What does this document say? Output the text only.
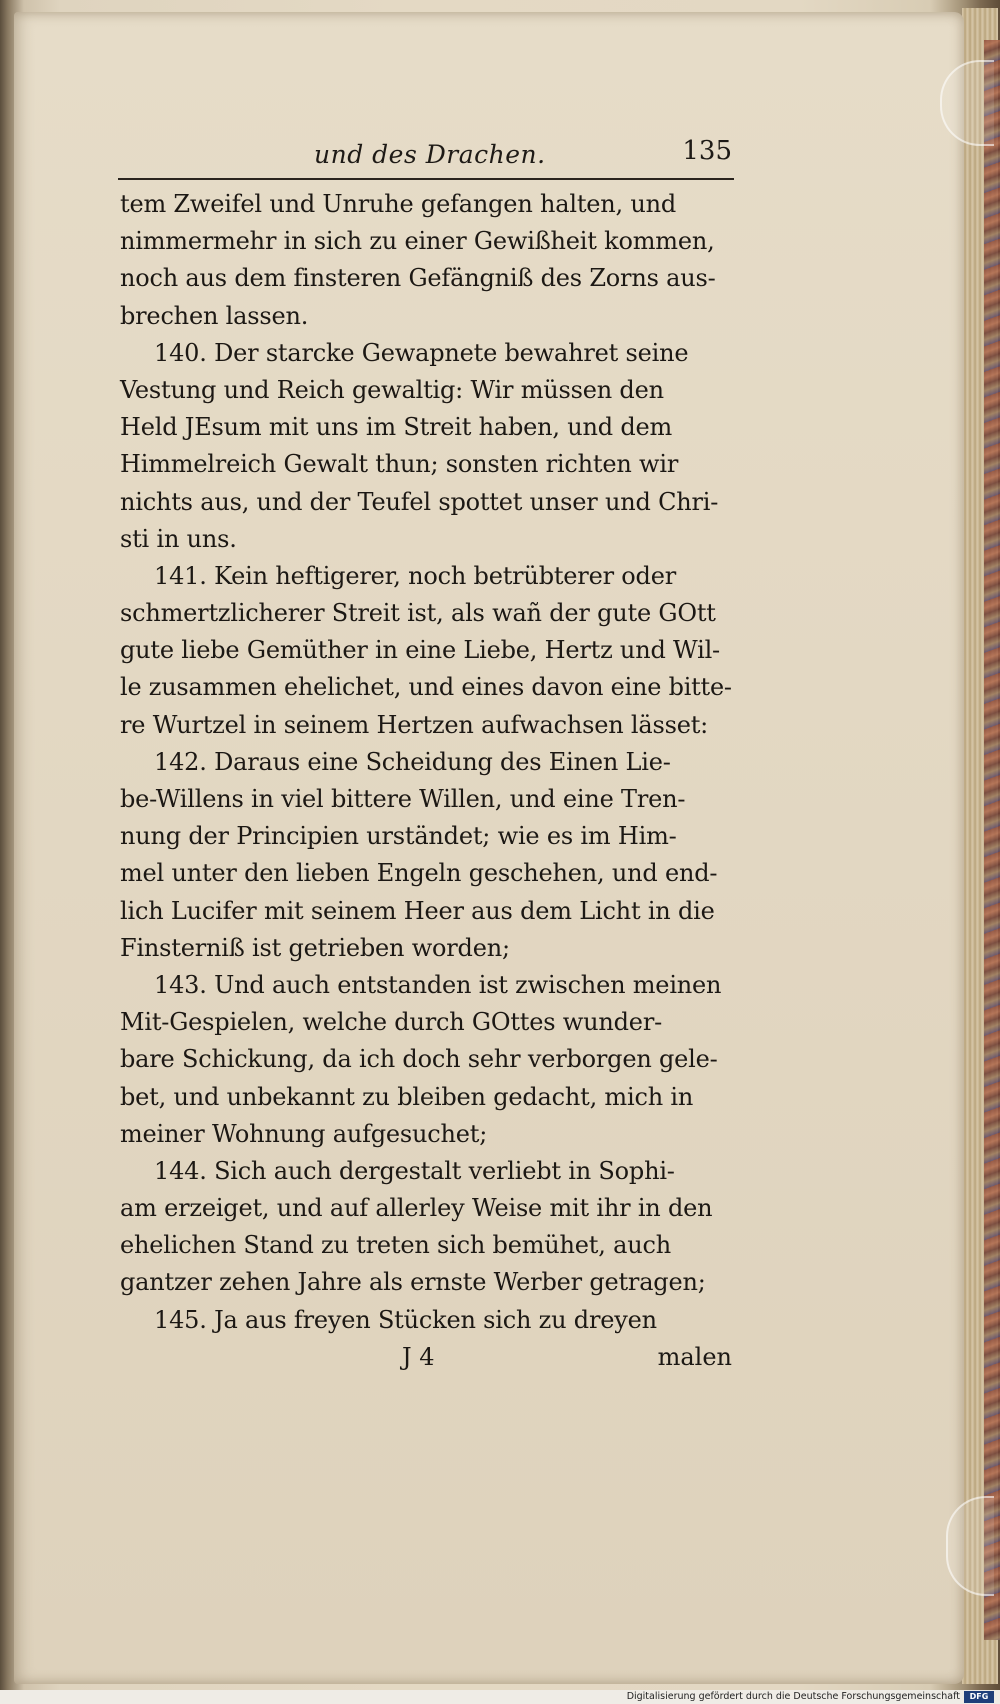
und des Drachen.	135
tem Zweifel und Unruhe gefangen halten, und
nimmermehr in sich zu einer Gewißheit kommen,
noch aus dem finsteren Gefängniß des Zorns aus-
brechen lassen.
140. Der starcke Gewapnete bewahret seine
Vestung und Reich gewaltig: Wir müssen den
Held JEsum mit uns im Streit haben, und dem
Himmelreich Gewalt thun; sonsten richten wir
nichts aus, und der Teufel spottet unser und Chri-
sti in uns.
141. Kein heftigerer, noch betrübterer oder
schmertzlicherer Streit ist, als wañ der gute GOtt
gute liebe Gemüther in eine Liebe, Hertz und Wil-
le zusammen ehelichet, und eines davon eine bitte-
re Wurtzel in seinem Hertzen aufwachsen lässet:
142. Daraus eine Scheidung des Einen Lie-
be-Willens in viel bittere Willen, und eine Tren-
nung der Principien urständet; wie es im Him-
mel unter den lieben Engeln geschehen, und end-
lich Lucifer mit seinem Heer aus dem Licht in die
Finsterniß ist getrieben worden;
143. Und auch entstanden ist zwischen meinen
Mit-Gespielen, welche durch GOttes wunder-
bare Schickung, da ich doch sehr verborgen gele-
bet, und unbekannt zu bleiben gedacht, mich in
meiner Wohnung aufgesuchet;
144. Sich auch dergestalt verliebt in Sophi-
am erzeiget, und auf allerley Weise mit ihr in den
ehelichen Stand zu treten sich bemühet, auch
gantzer zehen Jahre als ernste Werber getragen;
145. Ja aus freyen Stücken sich zu dreyen
J 4	malen
Digitalisierung gefördert durch die Deutsche Forschungsgemeinschaft	DFG
